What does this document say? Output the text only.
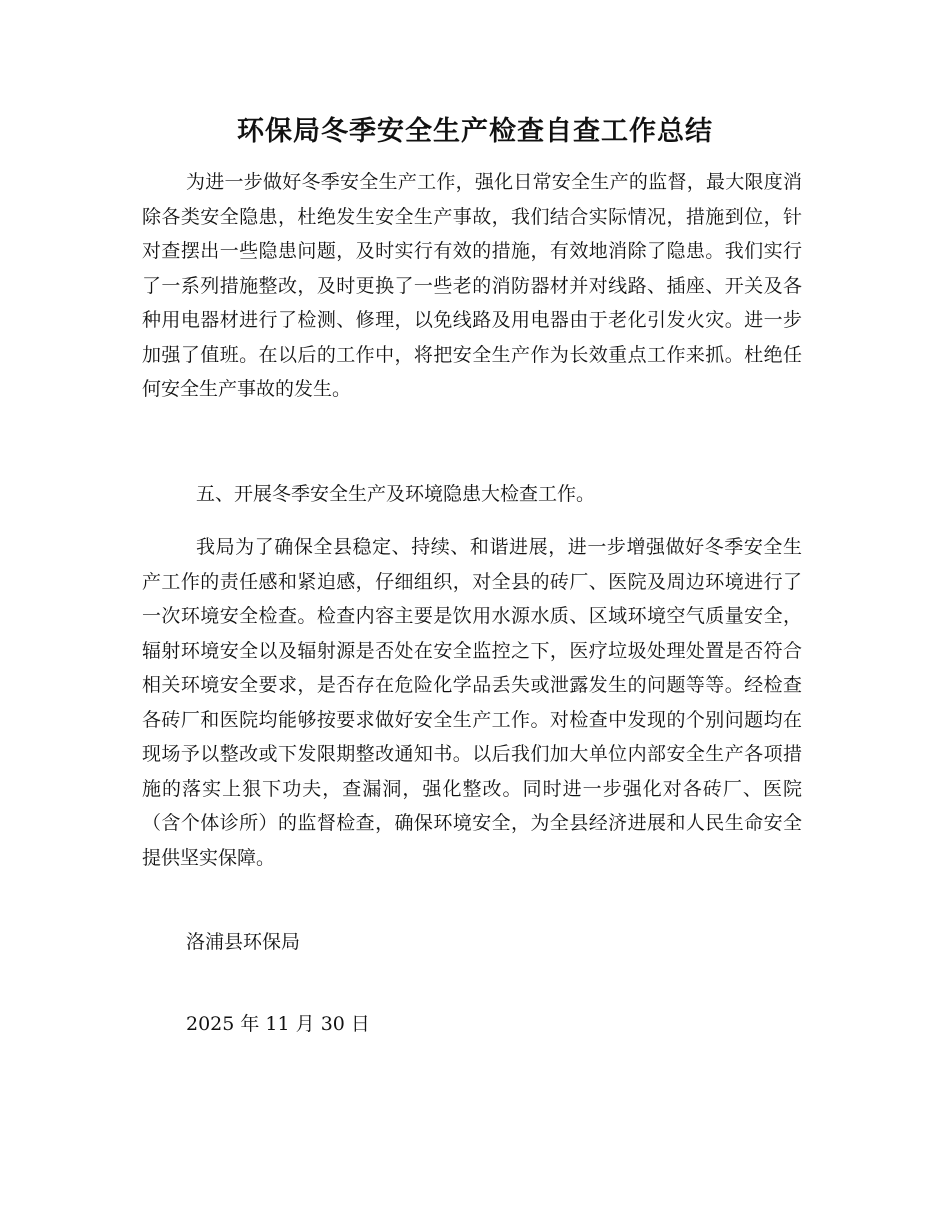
环保局冬季安全生产检查自查工作总结

为进一步做好冬季安全生产工作，强化日常安全生产的监督，最大限度消除各类安全隐患，杜绝发生安全生产事故，我们结合实际情况，措施到位，针对查摆出一些隐患问题，及时实行有效的措施，有效地消除了隐患。我们实行了一系列措施整改，及时更换了一些老的消防器材并对线路、插座、开关及各种用电器材进行了检测、修理，以免线路及用电器由于老化引发火灾。进一步加强了值班。在以后的工作中，将把安全生产作为长效重点工作来抓。杜绝任何安全生产事故的发生。

五、开展冬季安全生产及环境隐患大检查工作。

我局为了确保全县稳定、持续、和谐进展，进一步增强做好冬季安全生产工作的责任感和紧迫感，仔细组织，对全县的砖厂、医院及周边环境进行了一次环境安全检查。检查内容主要是饮用水源水质、区域环境空气质量安全，辐射环境安全以及辐射源是否处在安全监控之下，医疗垃圾处理处置是否符合相关环境安全要求，是否存在危险化学品丢失或泄露发生的问题等等。经检查各砖厂和医院均能够按要求做好安全生产工作。对检查中发现的个别问题均在现场予以整改或下发限期整改通知书。以后我们加大单位内部安全生产各项措施的落实上狠下功夫，查漏洞，强化整改。同时进一步强化对各砖厂、医院（含个体诊所）的监督检查，确保环境安全，为全县经济进展和人民生命安全提供坚实保障。

洛浦县环保局

2025 年 11 月 30 日
